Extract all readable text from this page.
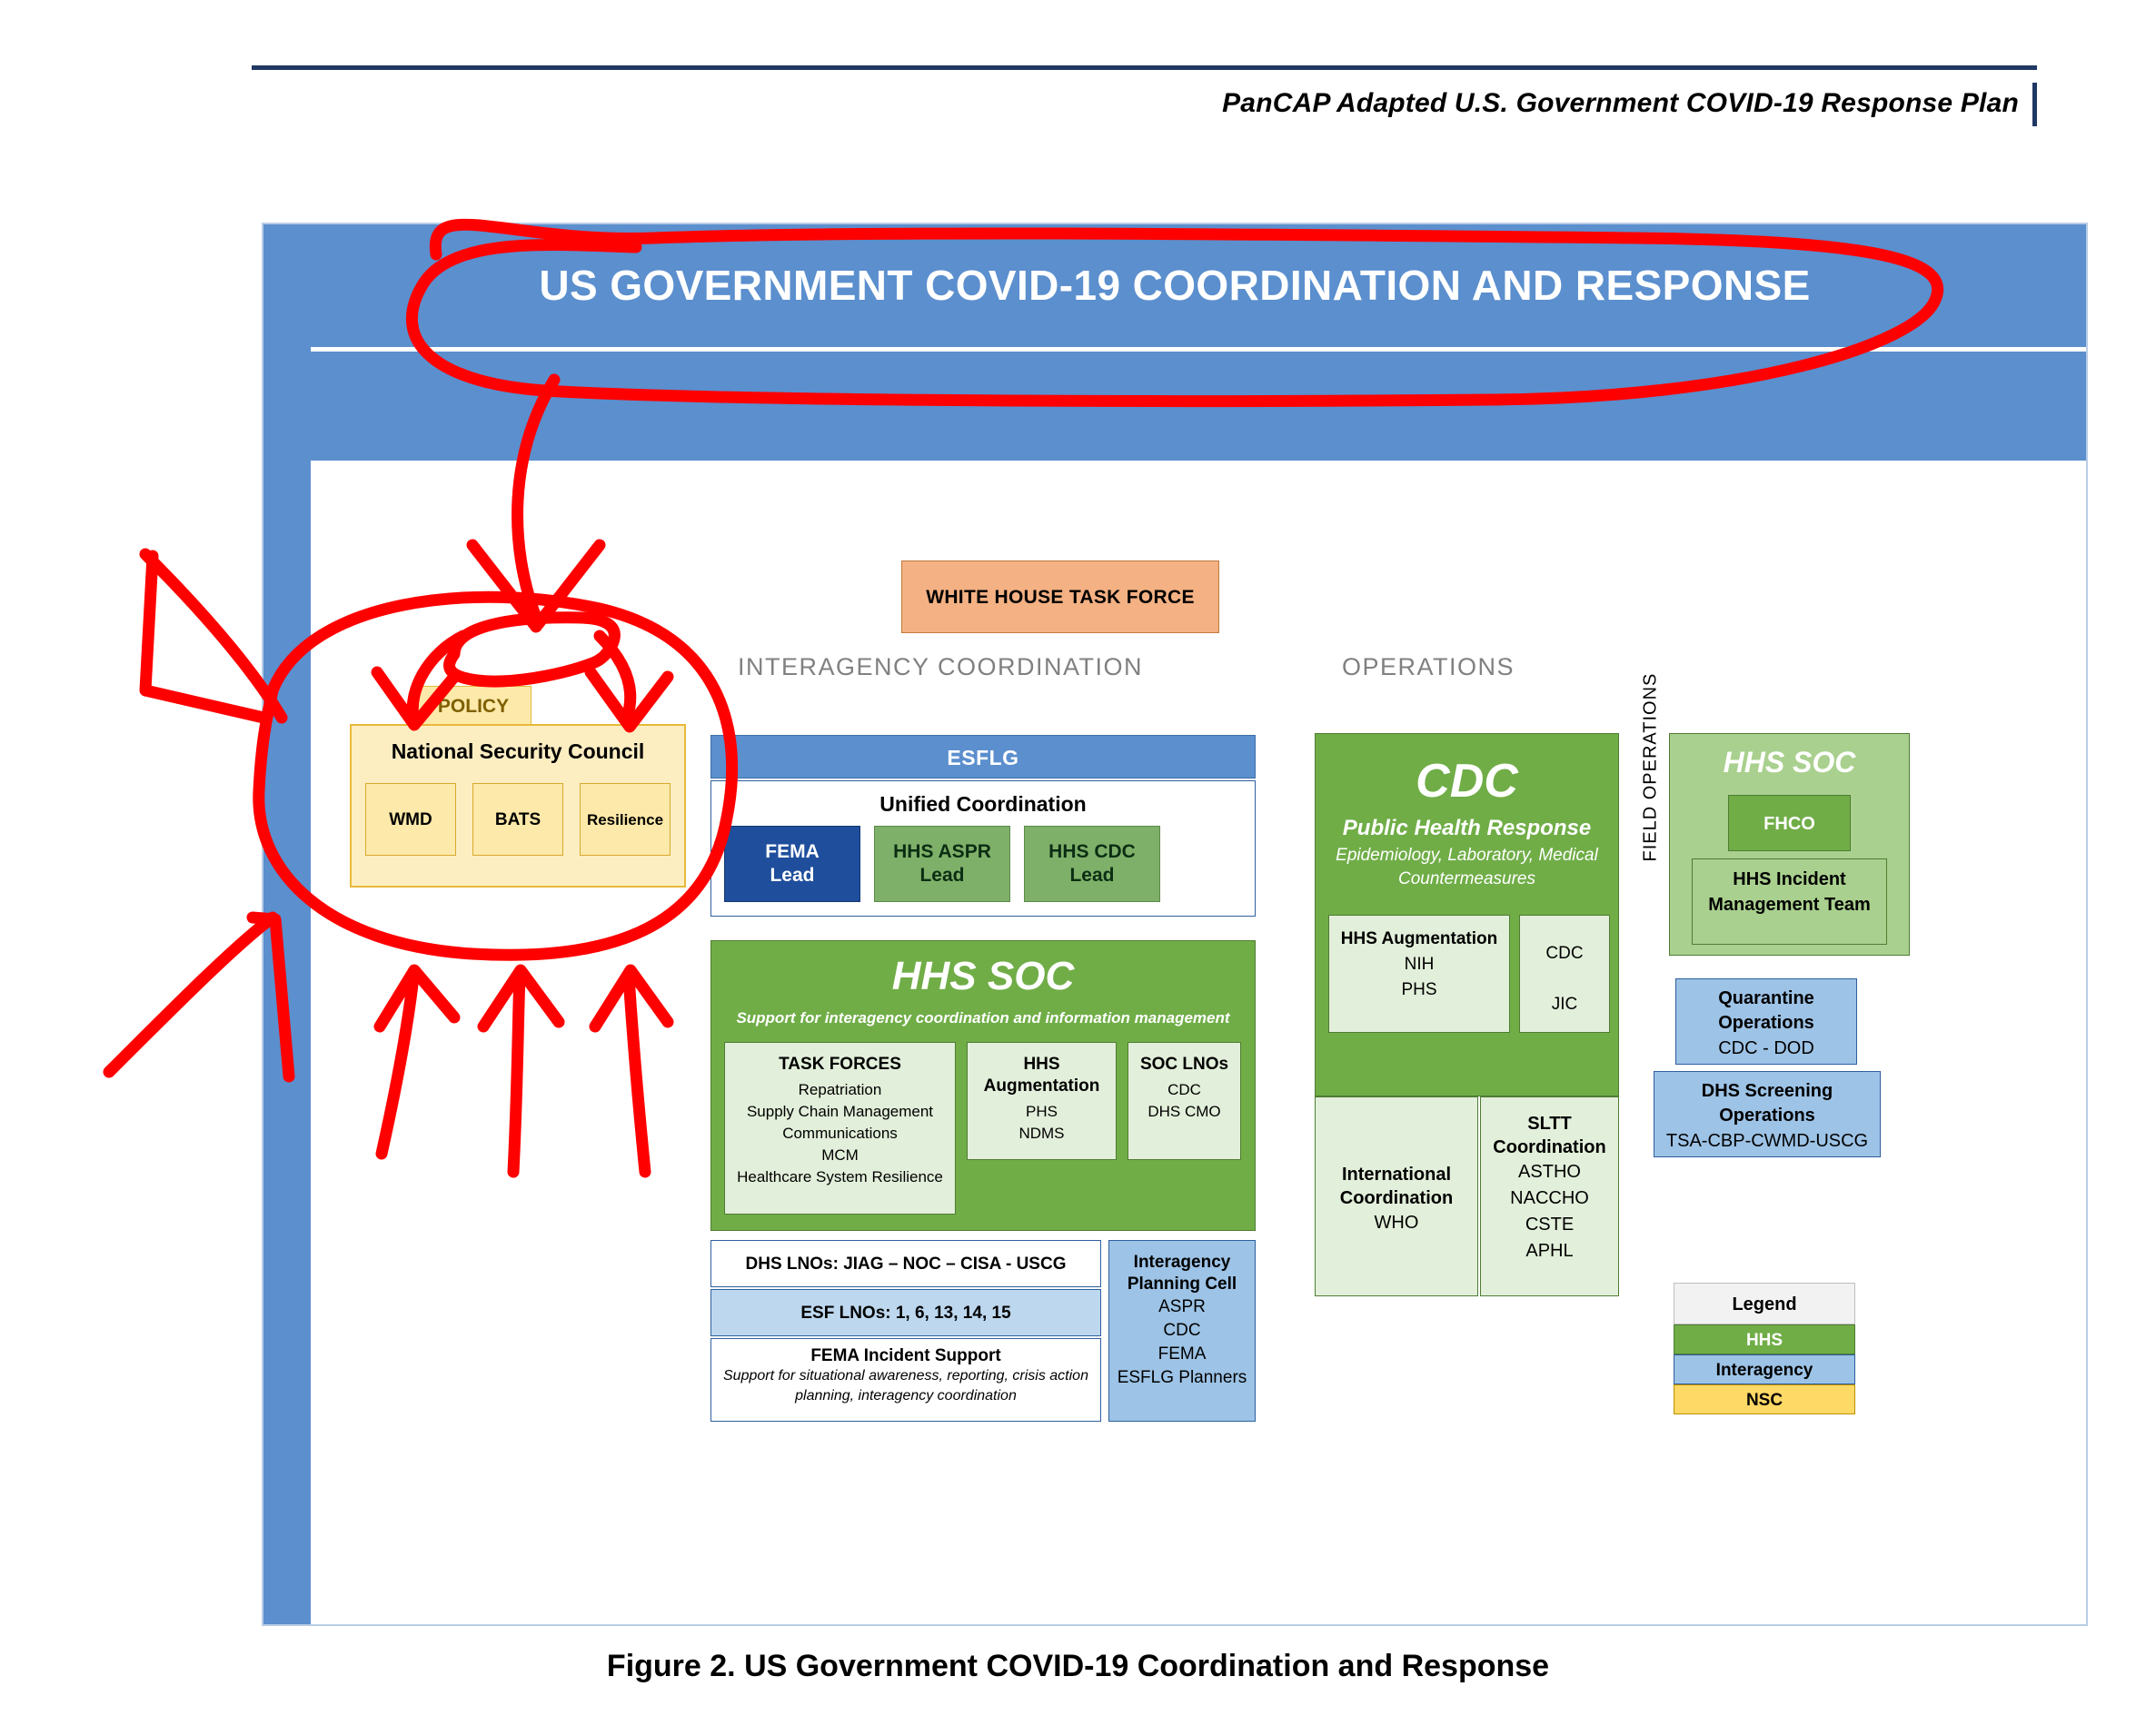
PanCAP Adapted U.S. Government COVID-19 Response Plan
US GOVERNMENT COVID-19 COORDINATION AND RESPONSE
WHITE HOUSE TASK FORCE
INTERAGENCY COORDINATION	OPERATIONS
POLICY
National Security Council
WMD	BATS	Resilience
ESFLG
Unified Coordination
FEMA
Lead
HHS ASPR
Lead
HHS CDC
Lead
HHS SOC
Support for interagency coordination and information management
TASK FORCES
Repatriation
Supply Chain Management
Communications
MCM
Healthcare System Resilience
HHS Augmentation
PHS
NDMS
SOC LNOs
CDC
DHS CMO
DHS LNOs: JIAG – NOC – CISA - USCG
ESF LNOs: 1, 6, 13, 14, 15
FEMA Incident Support
Support for situational awareness, reporting, crisis action planning, interagency coordination
Interagency Planning Cell
ASPR
CDC
FEMA
ESFLG Planners
CDC
Public Health Response
Epidemiology, Laboratory, Medical Countermeasures
HHS Augmentation
NIH
PHS
CDC

JIC
International Coordination
WHO
SLTT Coordination
ASTHO
NACCHO
CSTE
APHL
FIELD OPERATIONS	HHS SOC
FHCO
HHS Incident Management Team
Quarantine Operations
CDC - DOD
DHS Screening Operations
TSA-CBP-CWMD-USCG
Legend
HHS
Interagency
NSC
Figure 2. US Government COVID-19 Coordination and Response
